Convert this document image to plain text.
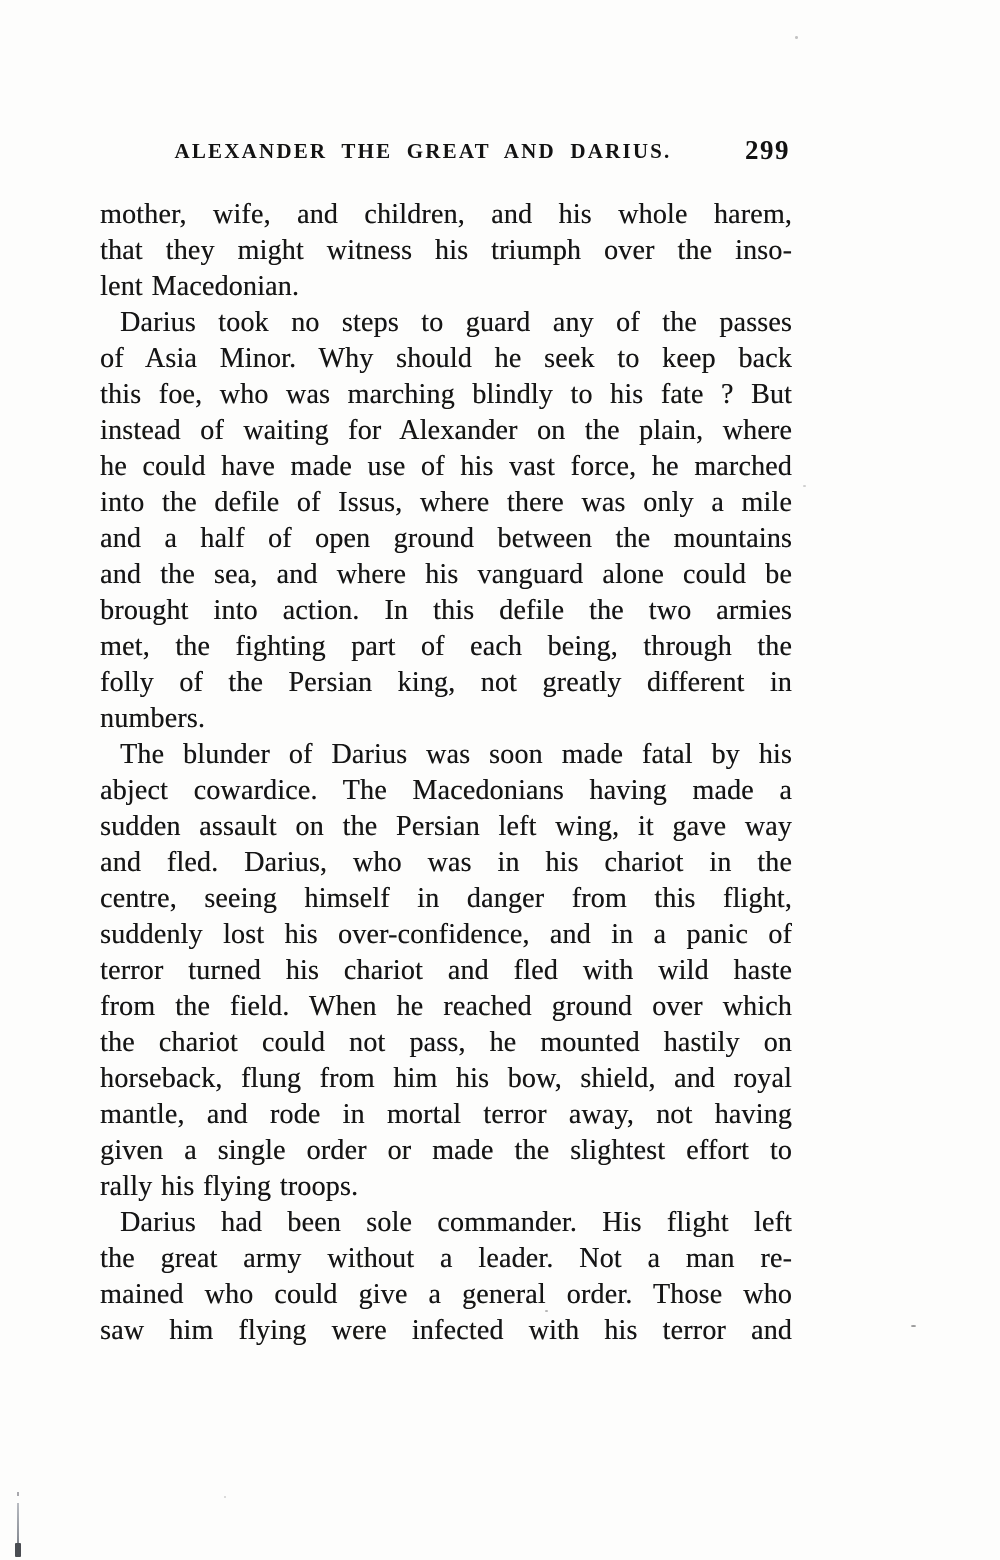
ALEXANDER THE GREAT AND DARIUS.	299
mother, wife, and children, and his whole harem,
that they might witness his triumph over the inso-
lent Macedonian.
Darius took no steps to guard any of the passes
of Asia Minor. Why should he seek to keep back
this foe, who was marching blindly to his fate ? But
instead of waiting for Alexander on the plain, where
he could have made use of his vast force, he marched
into the defile of Issus, where there was only a mile
and a half of open ground between the mountains
and the sea, and where his vanguard alone could be
brought into action. In this defile the two armies
met, the fighting part of each being, through the
folly of the Persian king, not greatly different in
numbers.
The blunder of Darius was soon made fatal by his
abject cowardice. The Macedonians having made a
sudden assault on the Persian left wing, it gave way
and fled. Darius, who was in his chariot in the
centre, seeing himself in danger from this flight,
suddenly lost his over-confidence, and in a panic of
terror turned his chariot and fled with wild haste
from the field. When he reached ground over which
the chariot could not pass, he mounted hastily on
horseback, flung from him his bow, shield, and royal
mantle, and rode in mortal terror away, not having
given a single order or made the slightest effort to
rally his flying troops.
Darius had been sole commander. His flight left
the great army without a leader. Not a man re-
mained who could give a general order. Those who
saw him flying were infected with his terror and
